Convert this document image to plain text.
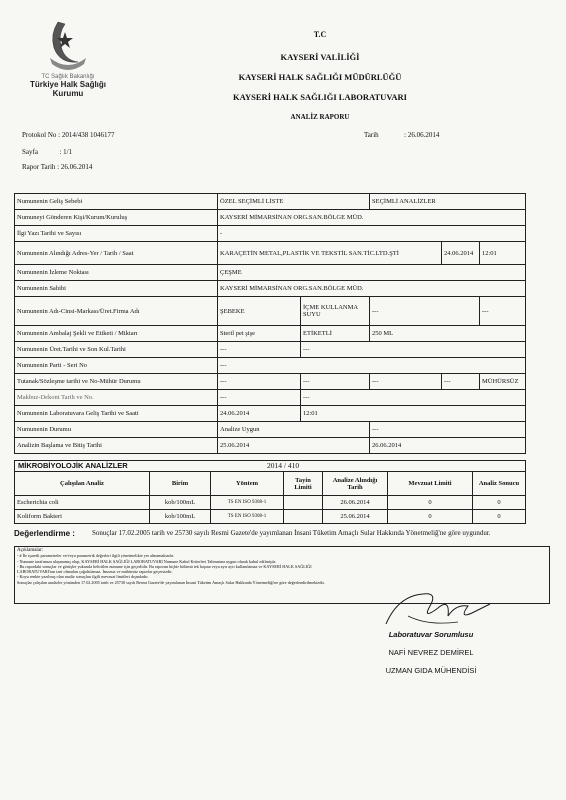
TC Sağlık Bakanlığı
Türkiye Halk Sağlığı
Kurumu
T.C
KAYSERİ VALİLİĞİ
KAYSERİ HALK SAĞLIĞI MÜDÜRLÜĞÜ
KAYSERİ HALK SAĞLIĞI LABORATUVARI
ANALİZ RAPORU
Protokol No : 2014/438 1046177	Tarih	: 26.06.2014
Sayfa	: 1/1
Rapor Tarih : 26.06.2014
Numunenin Geliş Sebebi	ÖZEL SEÇİMLİ LİSTE		SEÇİMLİ ANALİZLER		
Numuneyi Gönderen Kişi/Kurum/Kuruluş	KAYSERİ MİMARSİNAN ORG.SAN.BÖLGE MÜD.				
İlgi Yazı Tarihi ve Sayısı	-				
Numunenin Alındığı Adres-Yer / Tarih / Saat	KARAÇETİN METAL,PLASTİK VE TEKSTİL SAN.TİC.LTD.ŞTİ			24.06.2014	12:01
Numunenin İzleme Noktası	ÇEŞME				
Numunenin Sahibi	KAYSERİ MİMARSİNAN ORG.SAN.BÖLGE MÜD.				
Numunenin Adı-Cinsi-Markası/Üret.Firma Adı	ŞEBEKE	İÇME KULLANMA SUYU	---		---
Numunenin Ambalaj Şekli ve Etiketi / Miktarı	Steril pet şişe	ETİKETLİ	250 ML		
Numunenin Üret.Tarihi ve Son Kul.Tarihi	---	---			
Numunenin Parti - Seri No	---				
Tutanak/Sözleşme tarihi ve No-Mühür Durumu	---	---	---	---	MÜHÜRSÜZ
Makbuz-Dekont Tarih ve No.	---	---			
Numunenin Laboratuvara Geliş Tarihi ve Saati	24.06.2014	12:01			
Numunenin Durumu	Analize Uygun		---		
Analizin Başlama ve Bitiş Tarihi	25.06.2014		26.06.2014		
MİKROBİYOLOJİK ANALİZLER	2014 / 410
Çalışılan Analiz	Birim	Yöntem	Tayin Limiti	Analize Alındığı Tarih	Mevzuat Limiti	Analiz Sonucu
Escherichia coli	kob/100mL	TS EN ISO 9308-1		26.06.2014	0	0
Koliform Bakteri	kob/100mL	TS EN ISO 9308-1		25.06.2014	0	0
Değerlendirme : Sonuçlar 17.02.2005 tarih ve 25730 sayılı Resmi Gazete'de yayımlanan İnsani Tüketim Amaçlı Sular Hakkında Yönetmeliğ'ne göre uygundur.
Açıklamalar:
- # İle işaretli parametreler ve/veya parametrik değerleri ilgili yönetmelikte yer almamaktadır.
- Numune tarafımıza ulaşmamış olup, KAYSERİ HALK SAĞLIĞI LABORATUVARI Numune Kabul Kriterleri Talimatına uygun olarak kabul edilmiştir.
- Bu rapordaki sonuçlar ve görüşler yukarıda belirtilen numune için geçerlidir. Bu raporun hiçbir bölümü tek başına veya ayrı ayrı kullanılamaz ve KAYSERİ HALK SAĞLIĞI
LABORATUVARI'nın izni olmadan çoğaltılamaz. İmzasız ve mühürsüz raporlar geçersizdir.
- Koyu renkte yazılmış olan analiz sonuçları ilgili mevzuat limitleri dışındadır.
Sonuçlar çalışılan analizler yönünden 17.02.2005 tarih ve 25730 sayılı Resmi Gazete'de yayımlanan İnsani Tüketim Amaçlı Sular Hakkında Yönetmeliği'ne göre değerlendirilmektedir.
Laboratuvar Sorumlusu
NAFİ NEVREZ DEMİREL
UZMAN GIDA MÜHENDİSİ
